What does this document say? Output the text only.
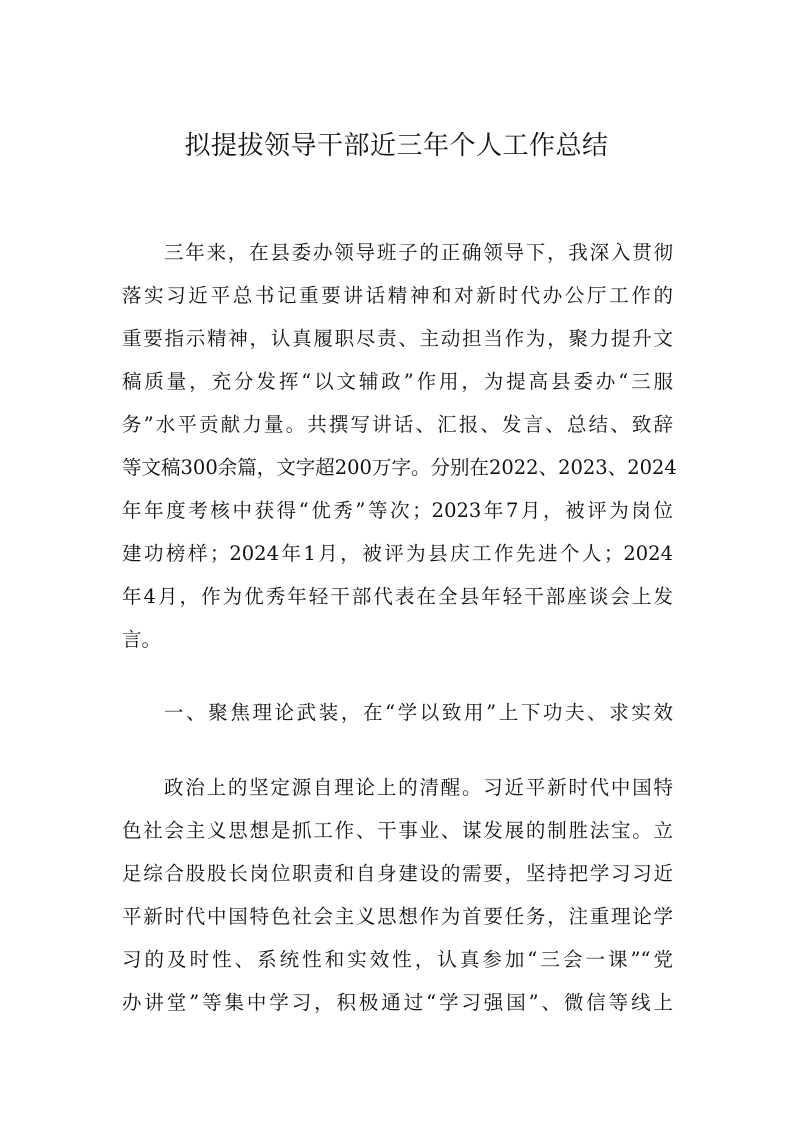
拟提拔领导干部近三年个人工作总结
三年来，在县委办领导班子的正确领导下，我深入贯彻
落实习近平总书记重要讲话精神和对新时代办公厅工作的
重要指示精神，认真履职尽责、主动担当作为，聚力提升文
稿质量，充分发挥“以文辅政”作用，为提高县委办“三服
务”水平贡献力量。共撰写讲话、汇报、发言、总结、致辞
等文稿300余篇，文字超200万字。分别在2022、2023、2024
年年度考核中获得“优秀”等次；2023年7月，被评为岗位
建功榜样；2024年1月，被评为县庆工作先进个人；2024
年4月，作为优秀年轻干部代表在全县年轻干部座谈会上发
言。
一、聚焦理论武装，在“学以致用”上下功夫、求实效
政治上的坚定源自理论上的清醒。习近平新时代中国特
色社会主义思想是抓工作、干事业、谋发展的制胜法宝。立
足综合股股长岗位职责和自身建设的需要，坚持把学习习近
平新时代中国特色社会主义思想作为首要任务，注重理论学
习的及时性、系统性和实效性，认真参加“三会一课”“党
办讲堂”等集中学习，积极通过“学习强国”、微信等线上
